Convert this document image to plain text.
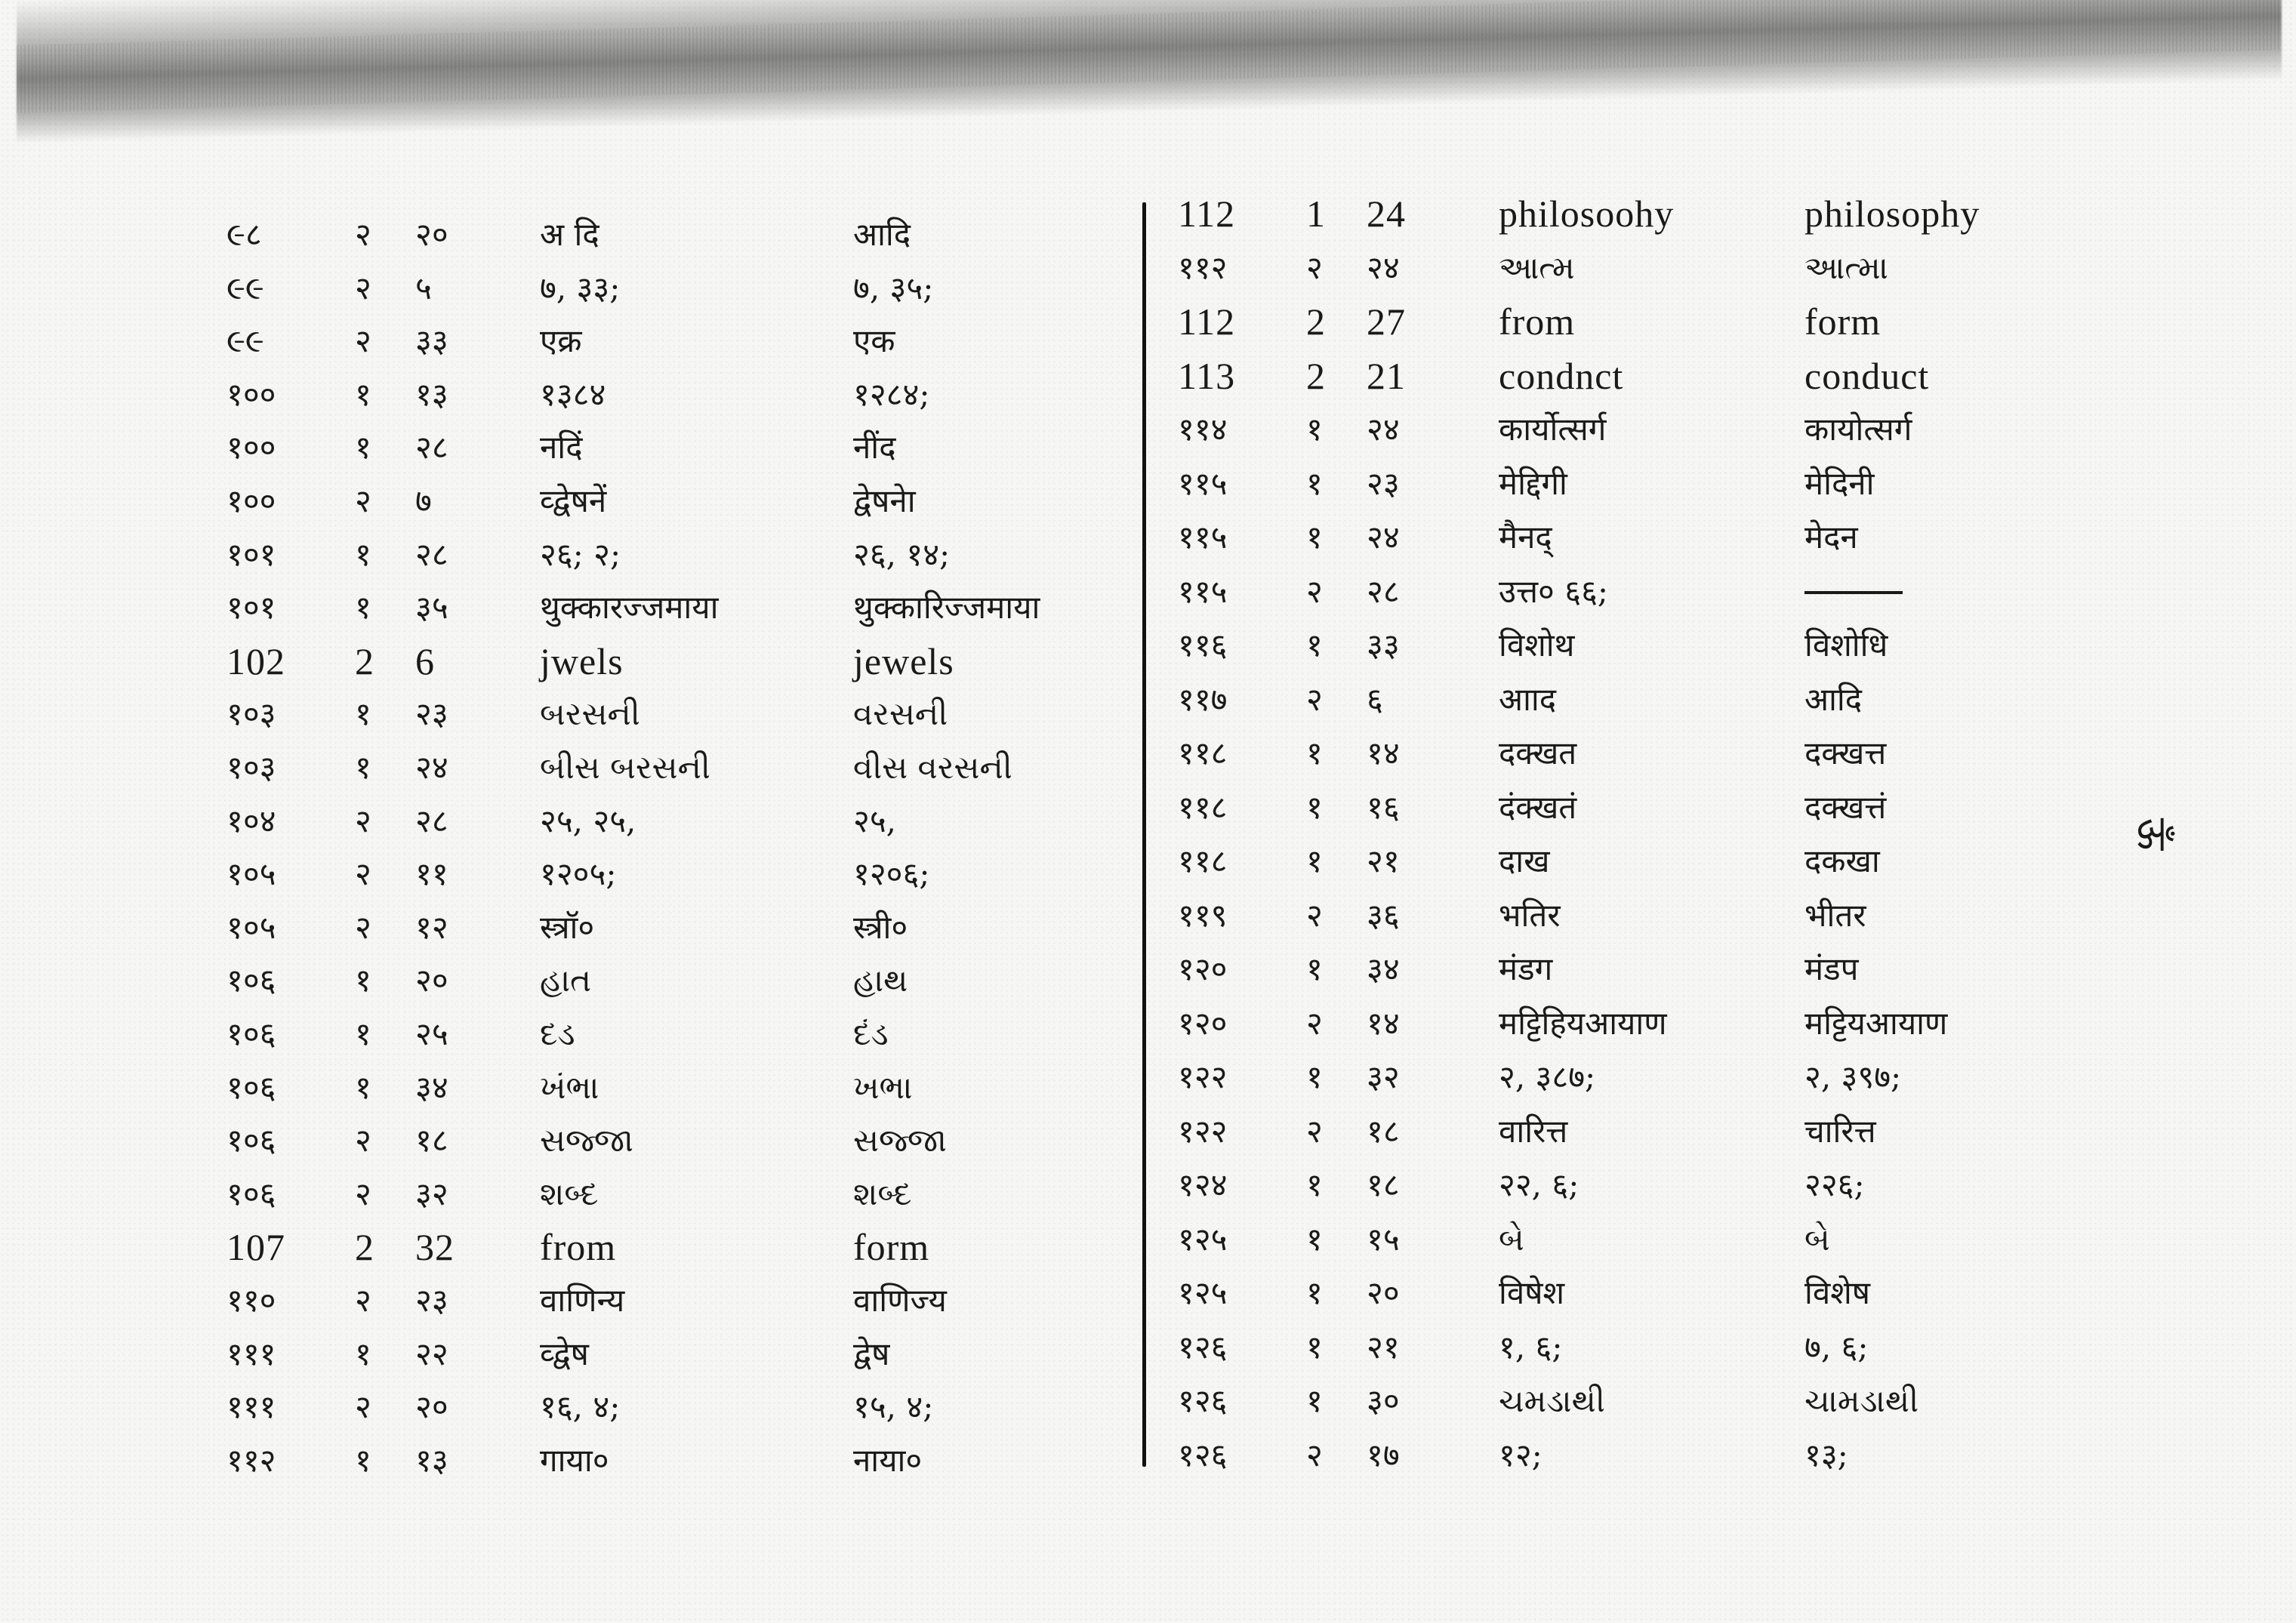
૯८	२ २०	अ दि	आदि
૯૯	२ ५	७, ३३;	७, ३५;
૯૯	२ ३३	एक्र	एक
१०० १ १३	१३८४	१२८४;
१०० १ २८	नदिं	नींद
१०० २ ७	व्द्वेषनें	द्वेषनेा
१०१ १ २८	२६; २;	२६, १४;
१०१ १ ३५	थुक्कारज्जमाया	थुक्कारिज्जमाया
102 2 6	jwels	jewels
१०३ १ २३	બરસની	વરસની
१०३ १ २४	બીસ બરસની	વીસ વરસની
१०४ २ २८	२५, २५,	२५,
१०५ २ ११	१२०५;	१२०६;
१०५ २ १२	स्त्रॉ०	स्त्री०
१०६ १ २०	હાત	હાથ
१०६ १ २५	દડ	દંડ
१०६ १ ३४	ખંભા	ખભા
१०६ २ १८	સજ્જા	સજ્જા
१०६ २ ३२	શબ્દ	શબ્દ
107 2 32 from	form
११० २ २३	वाणिन्य	वाणिज्य
१११ १ २२	व्द्वेष	द्वेष
१११ २ २०	१६, ४;	१५, ४;
११२ १ १३	गाया०	नाया०
112 1 24 philosoohy	philosophy
११२ २ २४	આત્મ	આત્મા
112 2 27 from	form
113 2 21 condnct	conduct
११४ १ २४	कार्योत्सर्ग	कायोत्सर्ग
११५ १ २३	मेद्दिगी	मेदिनी
११५ १ २४	मैनद्	मेदन
११५ २ २८	उत्त० ६६;
११६ १ ३३	विशोथ	विशोधि
११७ २ ६	आाद	आदि
११८ १ १४	दक्खत	दक्खत्त
११८ १ १६	दंक्खतं	दक्खत्तं
११८ १ २१	दाख	दकखा
११९ २ ३६	भतिर	भीतर
१२० १ ३४	मंडग	मंडप
१२० २ १४	मट्टिहियआयाण	मट्टियआयाण
१२२ १ ३२	२, ३८७;	२, ३९७;
१२२ २ १८	वारित्त	चारित्त
१२४ १ १८	२२, ६;	२२६;
१२५ १ १५	બે	બે
१२५ १ २०	विषेश	विशेष
१२६ १ २१	१, ६;	७, ६;
१२६ १ ३०	ચમડાથી	ચામડાથી
१२६ २ १७	१२;	१३;
ऊँ
